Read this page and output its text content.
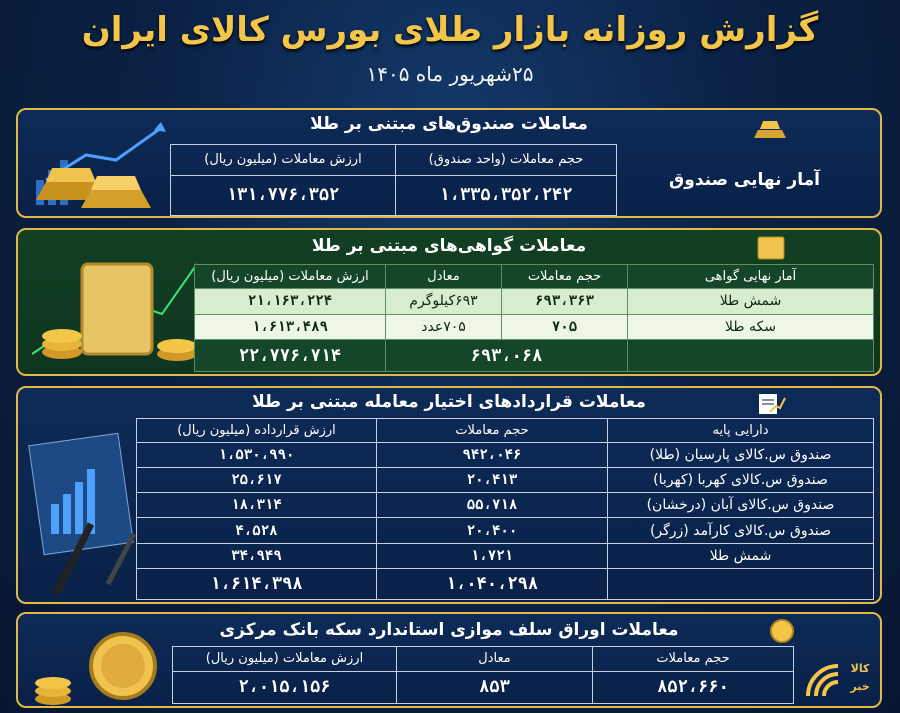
گزارش روزانه بازار طلای بورس کالای ایران
۲۵شهریور ماه ۱۴۰۵
معاملات صندوق‌های مبتنی بر طلا
آمار نهایی صندوق	حجم معاملات (واحد صندوق)	ارزش معاملات (میلیون ریال)
	۱،۳۳۵،۳۵۲،۲۴۲	۱۳۱،۷۷۶،۳۵۲
معاملات گواهی‌های مبتنی بر طلا
آمار نهایی گواهی	حجم معاملات	معادل	ارزش معاملات (میلیون ریال)
شمش طلا	۶۹۳،۳۶۳	۶۹۳کیلوگرم	۲۱،۱۶۳،۲۲۴
سکه طلا	۷۰۵	۷۰۵عدد	۱،۶۱۳،۴۸۹
	۶۹۳،۰۶۸		۲۲،۷۷۶،۷۱۴
معاملات قراردادهای اختیار معامله مبتنی بر طلا
دارایی پایه	حجم معاملات	ارزش قرارداده (میلیون ریال)
صندوق س.کالای پارسیان (طلا)	۹۴۲،۰۴۶	۱،۵۳۰،۹۹۰
صندوق س.کالای کهربا (کهربا)	۲۰،۴۱۳	۲۵،۶۱۷
صندوق س.کالای آبان (درخشان)	۵۵،۷۱۸	۱۸،۳۱۴
صندوق س.کالای کارآمد (زرگر)	۲۰،۴۰۰	۴،۵۲۸
شمش طلا	۱،۷۲۱	۳۴،۹۴۹
	۱،۰۴۰،۲۹۸	۱،۶۱۴،۳۹۸
معاملات اوراق سلف موازی استاندارد سکه بانک مرکزی
حجم معاملات	معادل	ارزش معاملات (میلیون ریال)
۸۵۲،۶۶۰	۸۵۳	۲،۰۱۵،۱۵۶
کالا
خبر
